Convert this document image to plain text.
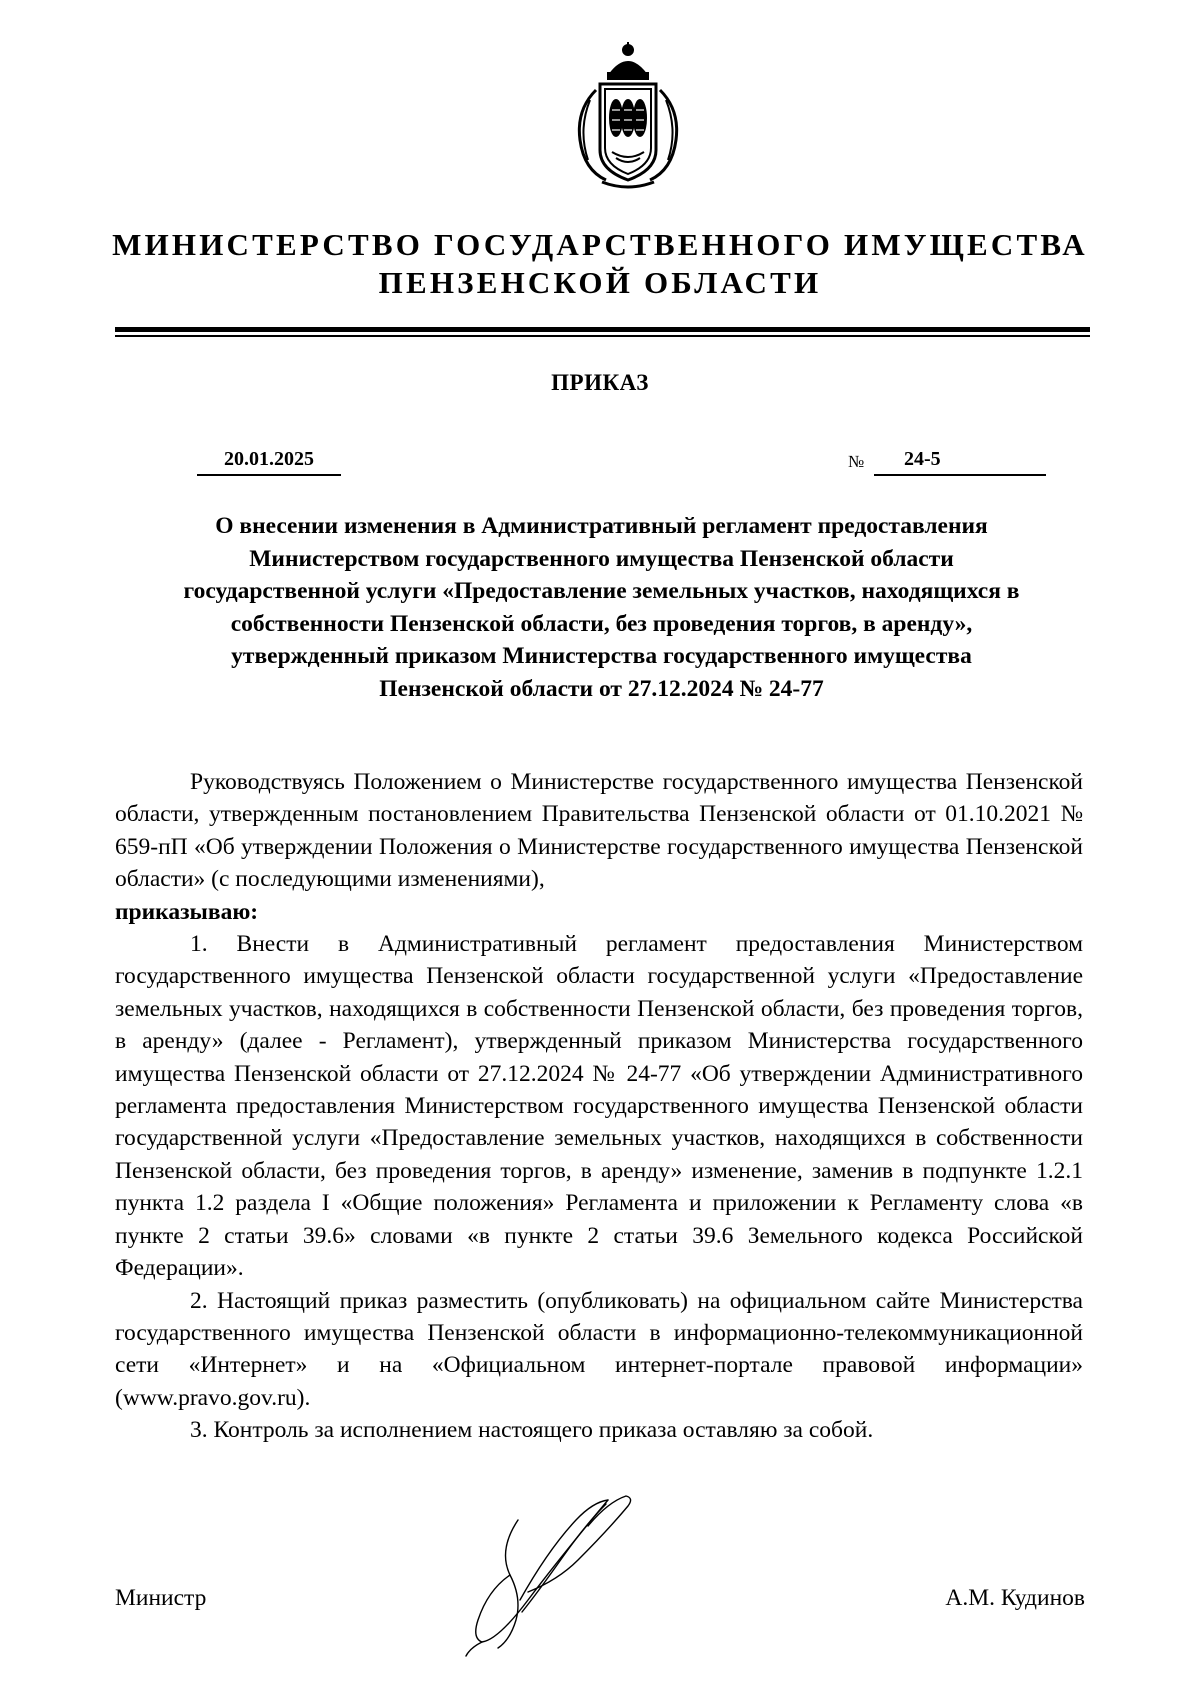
МИНИСТЕРСТВО ГОСУДАРСТВЕННОГО ИМУЩЕСТВА
ПЕНЗЕНСКОЙ ОБЛАСТИ
ПРИКАЗ
20.01.2025	№	24-5
О внесении изменения в Административный регламент предоставления
Министерством государственного имущества Пензенской области
государственной услуги «Предоставление земельных участков, находящихся в
собственности Пензенской области, без проведения торгов, в аренду»,
утвержденный приказом Министерства государственного имущества
Пензенской области от 27.12.2024 № 24-77

Руководствуясь Положением о Министерстве государственного имущества Пензенской области, утвержденным постановлением Правительства Пензенской области от 01.10.2021 № 659-пП «Об утверждении Положения о Министерстве государственного имущества Пензенской области» (с последующими изменениями),

приказываю:

1. Внести в Административный регламент предоставления Министерством государственного имущества Пензенской области государственной услуги «Предоставление земельных участков, находящихся в собственности Пензенской области, без проведения торгов, в аренду» (далее - Регламент), утвержденный приказом Министерства государственного имущества Пензенской области от 27.12.2024 № 24-77 «Об утверждении Административного регламента предоставления Министерством государственного имущества Пензенской области государственной услуги «Предоставление земельных участков, находящихся в собственности Пензенской области, без проведения торгов, в аренду» изменение, заменив в подпункте 1.2.1 пункта 1.2 раздела I «Общие положения» Регламента и приложении к Регламенту слова «в пункте 2 статьи 39.6» словами «в пункте 2 статьи 39.6 Земельного кодекса Российской Федерации».

2. Настоящий приказ разместить (опубликовать) на официальном сайте Министерства государственного имущества Пензенской области в информационно-телекоммуникационной сети «Интернет» и на «Официальном интернет-портале правовой информации» (www.pravo.gov.ru).

3. Контроль за исполнением настоящего приказа оставляю за собой.

Министр	А.М. Кудинов
